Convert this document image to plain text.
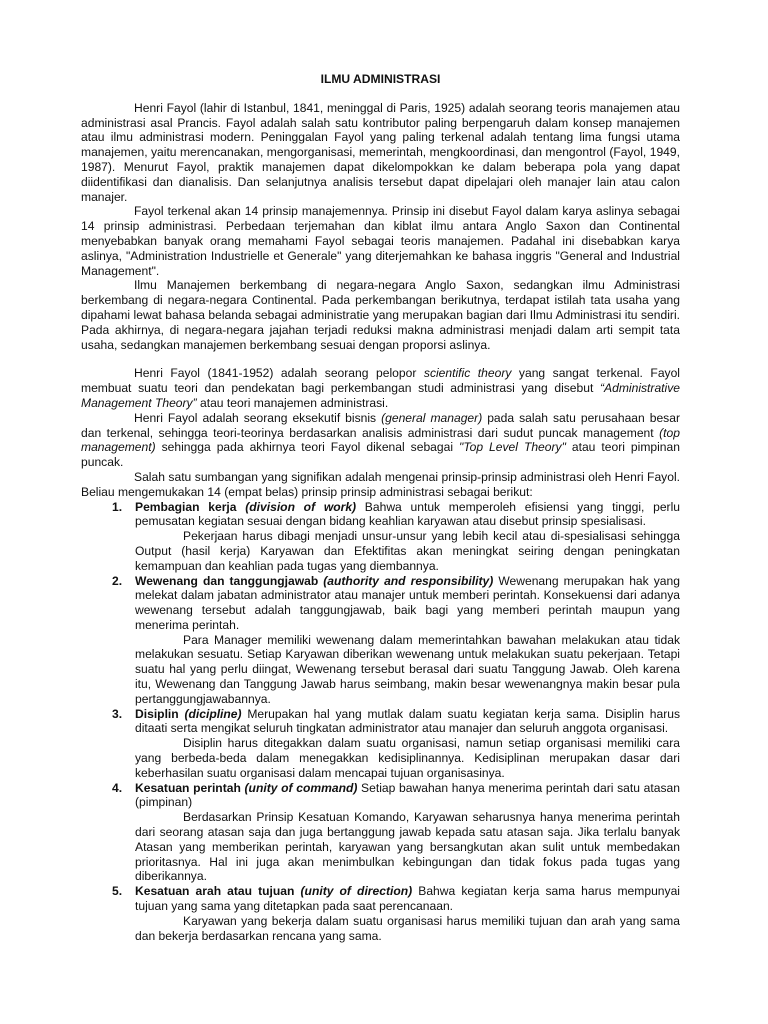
ILMU ADMINISTRASI

Henri Fayol (lahir di Istanbul, 1841, meninggal di Paris, 1925) adalah seorang teoris manajemen atau administrasi asal Prancis. Fayol adalah salah satu kontributor paling berpengaruh dalam konsep manajemen atau ilmu administrasi modern. Peninggalan Fayol yang paling terkenal adalah tentang lima fungsi utama manajemen, yaitu merencanakan, mengorganisasi, memerintah, mengkoordinasi, dan mengontrol (Fayol, 1949, 1987). Menurut Fayol, praktik manajemen dapat dikelompokkan ke dalam beberapa pola yang dapat diidentifikasi dan dianalisis. Dan selanjutnya analisis tersebut dapat dipelajari oleh manajer lain atau calon manajer.

Fayol terkenal akan 14 prinsip manajemennya. Prinsip ini disebut Fayol dalam karya aslinya sebagai 14 prinsip administrasi. Perbedaan terjemahan dan kiblat ilmu antara Anglo Saxon dan Continental menyebabkan banyak orang memahami Fayol sebagai teoris manajemen. Padahal ini disebabkan karya aslinya, "Administration Industrielle et Generale" yang diterjemahkan ke bahasa inggris "General and Industrial Management".

Ilmu Manajemen berkembang di negara-negara Anglo Saxon, sedangkan ilmu Administrasi berkembang di negara-negara Continental. Pada perkembangan berikutnya, terdapat istilah tata usaha yang dipahami lewat bahasa belanda sebagai administratie yang merupakan bagian dari Ilmu Administrasi itu sendiri. Pada akhirnya, di negara-negara jajahan terjadi reduksi makna administrasi menjadi dalam arti sempit tata usaha, sedangkan manajemen berkembang sesuai dengan proporsi aslinya.

Henri Fayol (1841-1952) adalah seorang pelopor scientific theory yang sangat terkenal. Fayol membuat suatu teori dan pendekatan bagi perkembangan studi administrasi yang disebut “Administrative Management Theory” atau teori manajemen administrasi.

Henri Fayol adalah seorang eksekutif bisnis (general manager) pada salah satu perusahaan besar dan terkenal, sehingga teori-teorinya berdasarkan analisis administrasi dari sudut puncak management (top management) sehingga pada akhirnya teori Fayol dikenal sebagai "Top Level Theory" atau teori pimpinan puncak.

Salah satu sumbangan yang signifikan adalah mengenai prinsip-prinsip administrasi oleh Henri Fayol. Beliau mengemukakan 14 (empat belas) prinsip prinsip administrasi sebagai berikut:

1. Pembagian kerja (division of work) Bahwa untuk memperoleh efisiensi yang tinggi, perlu pemusatan kegiatan sesuai dengan bidang keahlian karyawan atau disebut prinsip spesialisasi.

Pekerjaan harus dibagi menjadi unsur-unsur yang lebih kecil atau di-spesialisasi sehingga Output (hasil kerja) Karyawan dan Efektifitas akan meningkat seiring dengan peningkatan kemampuan dan keahlian pada tugas yang diembannya.

2. Wewenang dan tanggungjawab (authority and responsibility) Wewenang merupakan hak yang melekat dalam jabatan administrator atau manajer untuk memberi perintah. Konsekuensi dari adanya wewenang tersebut adalah tanggungjawab, baik bagi yang memberi perintah maupun yang menerima perintah.

Para Manager memiliki wewenang dalam memerintahkan bawahan melakukan atau tidak melakukan sesuatu. Setiap Karyawan diberikan wewenang untuk melakukan suatu pekerjaan. Tetapi suatu hal yang perlu diingat, Wewenang tersebut berasal dari suatu Tanggung Jawab. Oleh karena itu, Wewenang dan Tanggung Jawab harus seimbang, makin besar wewenangnya makin besar pula pertanggungjawabannya.

3. Disiplin (dicipline) Merupakan hal yang mutlak dalam suatu kegiatan kerja sama. Disiplin harus ditaati serta mengikat seluruh tingkatan administrator atau manajer dan seluruh anggota organisasi.

Disiplin harus ditegakkan dalam suatu organisasi, namun setiap organisasi memiliki cara yang berbeda-beda dalam menegakkan kedisiplinannya. Kedisiplinan merupakan dasar dari keberhasilan suatu organisasi dalam mencapai tujuan organisasinya.

4. Kesatuan perintah (unity of command) Setiap bawahan hanya menerima perintah dari satu atasan (pimpinan)

Berdasarkan Prinsip Kesatuan Komando, Karyawan seharusnya hanya menerima perintah dari seorang atasan saja dan juga bertanggung jawab kepada satu atasan saja. Jika terlalu banyak Atasan yang memberikan perintah, karyawan yang bersangkutan akan sulit untuk membedakan prioritasnya. Hal ini juga akan menimbulkan kebingungan dan tidak fokus pada tugas yang diberikannya.

5. Kesatuan arah atau tujuan (unity of direction) Bahwa kegiatan kerja sama harus mempunyai tujuan yang sama yang ditetapkan pada saat perencanaan.

Karyawan yang bekerja dalam suatu organisasi harus memiliki tujuan dan arah yang sama dan bekerja berdasarkan rencana yang sama.
